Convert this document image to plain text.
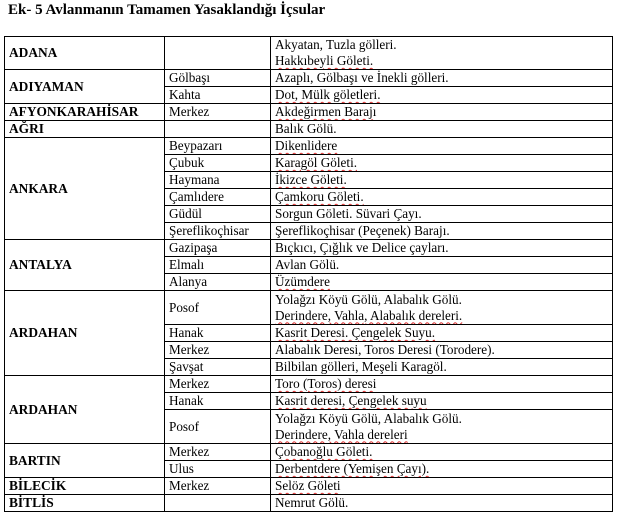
Ek- 5 Avlanmanın Tamamen Yasaklandığı İçsular
ADANA		Akyatan, Tuzla gölleri.
Hakkıbeyli Göleti.

ADIYAMAN	Gölbaşı	Azaplı, Gölbaşı ve İnekli gölleri.
	Kahta	Dot, Mülk göletleri.
AFYONKARAHİSAR	Merkez	Akdeğirmen Barajı
AĞRI		Balık Gölü.
ANKARA	Beypazarı	Dikenlidere
	Çubuk	Karagöl Göleti.
	Haymana	İkizce Göleti.
	Çamlıdere	Çamkoru Göleti.
	Güdül	Sorgun Göleti. Süvari Çayı.
	Şereflikoçhisar	Şereflikoçhisar (Peçenek) Barajı.
ANTALYA	Gazipaşa	Bıçkıcı, Çığlık ve Delice çayları.
	Elmalı	Avlan Gölü.
	Alanya	Üzümdere
ARDAHAN	Posof	Yolağzı Köyü Gölü, Alabalık Gölü.
Derindere, Vahla, Alabalık dereleri.

	Hanak	Kasrit Deresi. Çengelek Suyu.
	Merkez	Alabalık Deresi, Toros Deresi (Torodere).
	Şavşat	Bilbilan gölleri, Meşeli Karagöl.
ARDAHAN	Merkez	Toro (Toros) deresi
	Hanak	Kasrit deresi, Çengelek suyu
	Posof	Yolağzı Köyü Gölü, Alabalık Gölü.
Derindere, Vahla dereleri

BARTIN	Merkez	Çobanoğlu Göleti.
	Ulus	Derbentdere (Yemişen Çayı).
BİLECİK	Merkez	Selöz Göleti
BİTLİS		Nemrut Gölü.
